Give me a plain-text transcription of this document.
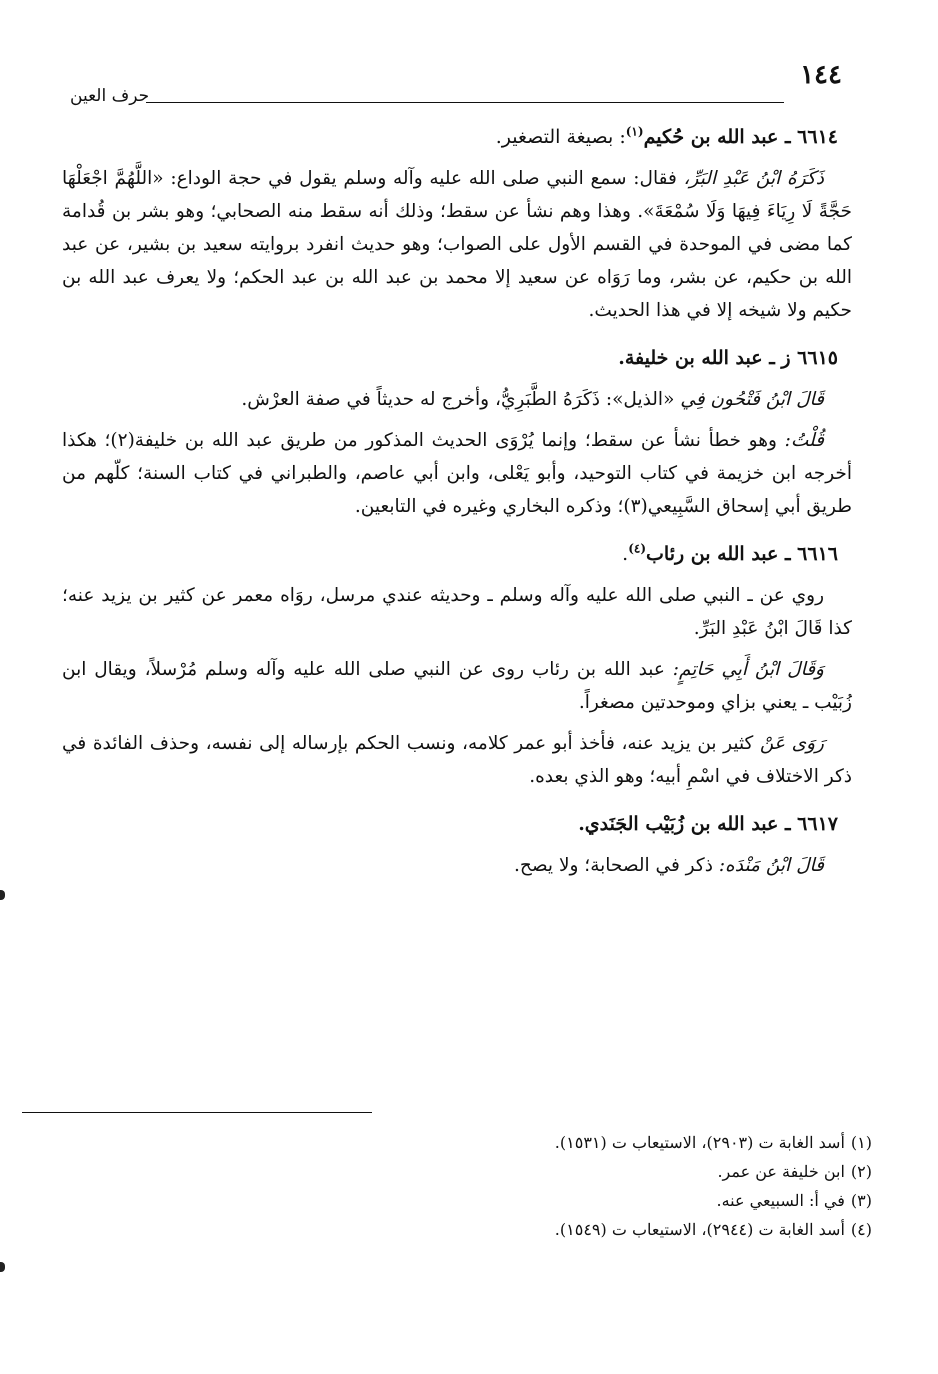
١٤٤
حرف العين
٦٦١٤ ـ عبد الله بن حُكيم$^{(١)}$: بصيغة التصغير.

ذَكَرَهُ ابْنُ عَبْدِ البَرِّ، فقال: سمع النبي صلى الله عليه وآله وسلم يقول في حجة الوداع: «اللَّهُمَّ اجْعَلْهَا حَجَّةً لَا رِيَاءَ فِيهَا وَلَا سُمْعَةَ». وهذا وهم نشأ عن سقط؛ وذلك أنه سقط منه الصحابي؛ وهو بشر بن قُدامة كما مضى في الموحدة في القسم الأول على الصواب؛ وهو حديث انفرد بروايته سعيد بن بشير، عن عبد الله بن حكيم، عن بشر، وما رَوَاه عن سعيد إلا محمد بن عبد الله بن عبد الحكم؛ ولا يعرف عبد الله بن حكيم ولا شيخه إلا في هذا الحديث.

٦٦١٥ ز ـ عبد الله بن خليفة.

قَالَ ابْنُ فَتْحُون فِي «الذيل»: ذَكَرَهُ الطَّبَرِيُّ، وأخرج له حديثاً في صفة العرْش.

قُلْتُ: وهو خطأ نشأ عن سقط؛ وإنما يُرْوَى الحديث المذكور من طريق عبد الله بن خليفة(٢)؛ هكذا أخرجه ابن خزيمة في كتاب التوحيد، وأبو يَعْلى، وابن أبي عاصم، والطبراني في كتاب السنة؛ كلّهم من طريق أبي إسحاق السَّبِيعي(٣)؛ وذكره البخاري وغيره في التابعين.

٦٦١٦ ـ عبد الله بن رئاب$^{(٤)}$.

روي عن ـ النبي صلى الله عليه وآله وسلم ـ وحديثه عندي مرسل، روَاه معمر عن كثير بن يزيد عنه؛ كذا قَالَ ابْنُ عَبْدِ البَرِّ.

وَقَالَ ابْنُ أَبِي حَاتِمٍ: عبد الله بن رئاب روى عن النبي صلى الله عليه وآله وسلم مُرْسلاً، ويقال ابن زُبَيْب ـ يعني بزاي وموحدتين مصغراً.

رَوَى عَنْ كثير بن يزيد عنه، فأخذ أبو عمر كلامه، ونسب الحكم بإرساله إلى نفسه، وحذف الفائدة في ذكر الاختلاف في اسْمِ أبيه؛ وهو الذي بعده.

٦٦١٧ ـ عبد الله بن زُبَيْب الجَنَدي.

قَالَ ابْنُ مَنْدَه: ذكر في الصحابة؛ ولا يصح.

(١)أسد الغابة ت (٢٩٠٣)، الاستيعاب ت (١٥٣١).

(٢)ابن خليفة عن عمر.

(٣)في أ: السبيعي عنه.

(٤)أسد الغابة ت (٢٩٤٤)، الاستيعاب ت (١٥٤٩).
